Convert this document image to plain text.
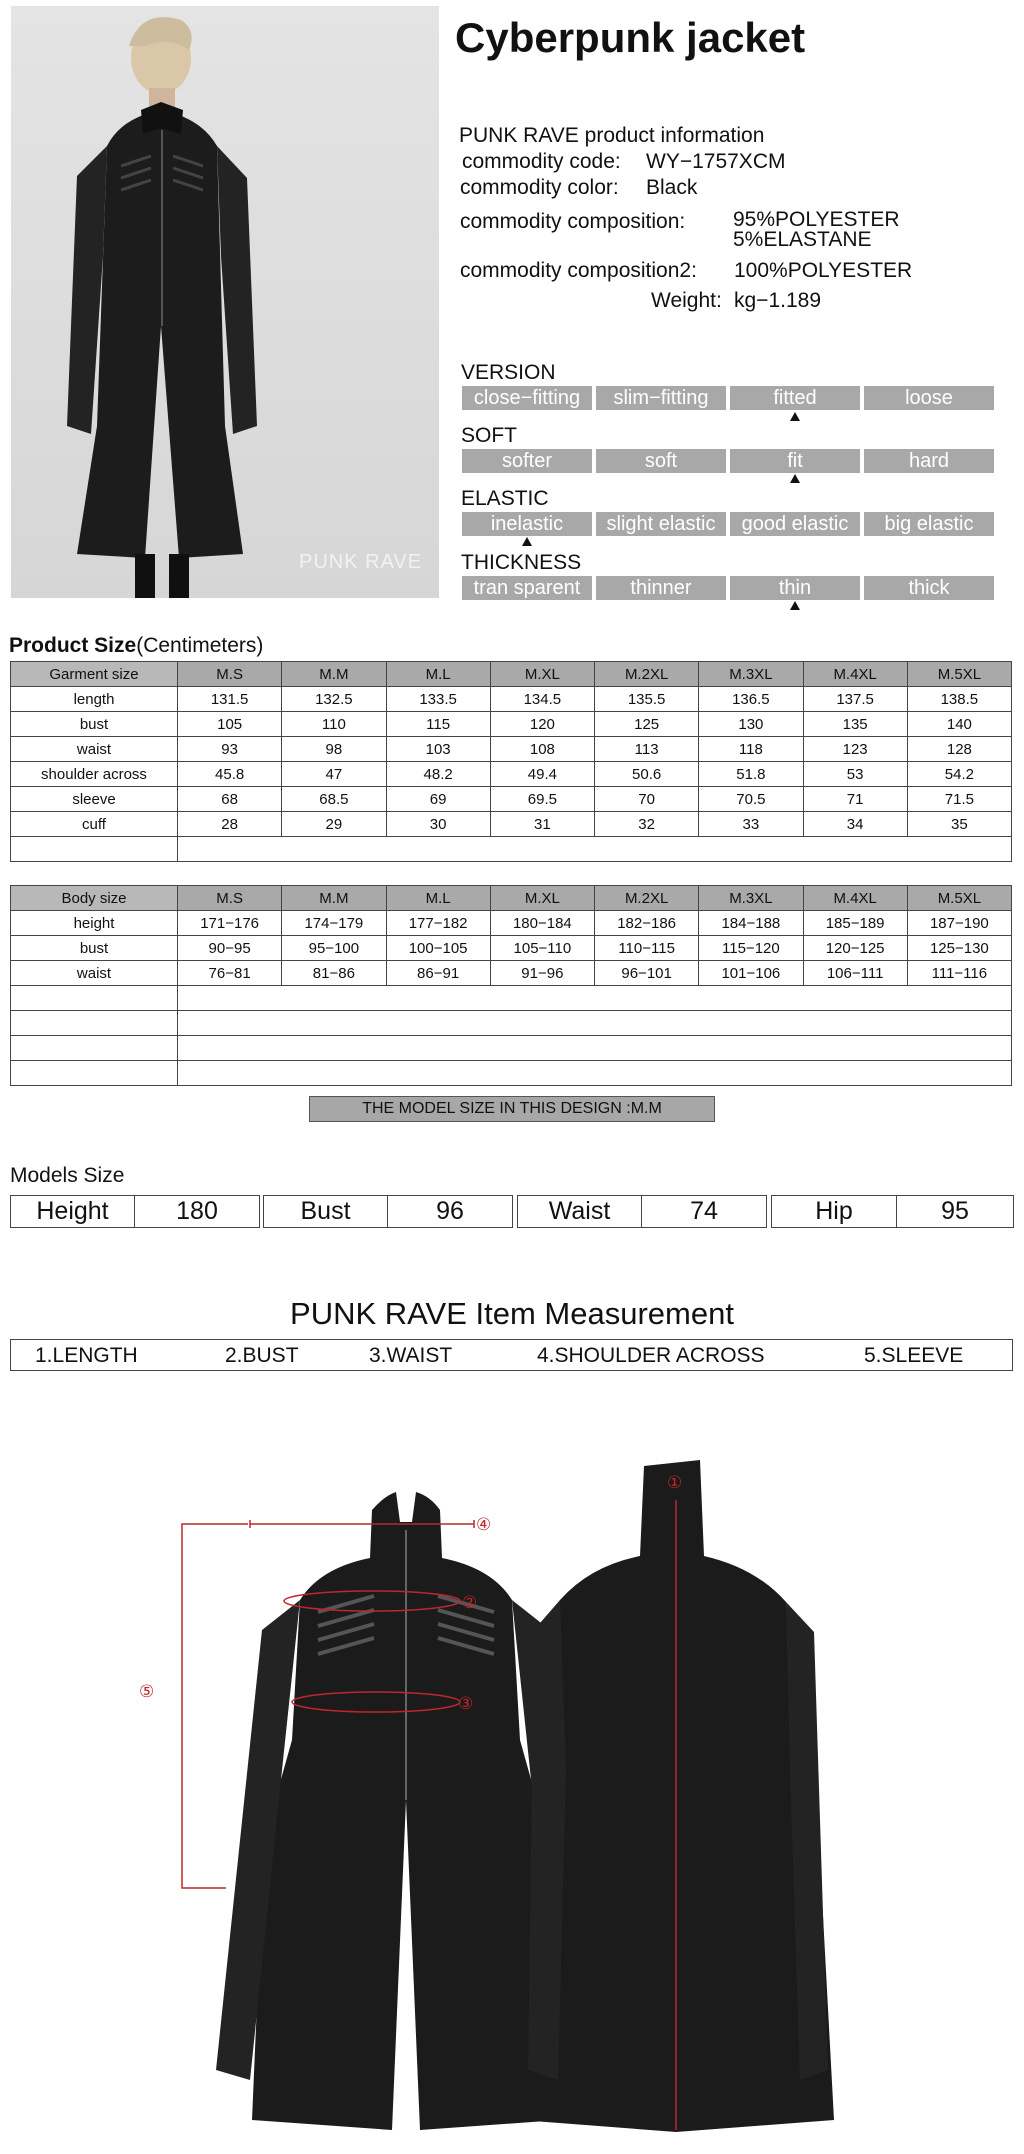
PUNK RAVE
Cyberpunk jacket
PUNK RAVE product information
commodity code: WY−1757XCM
commodity color: Black
commodity composition: 95%POLYESTER
5%ELASTANE
commodity composition2: 100%POLYESTER
Weight: kg−1.189
VERSION
close−fitting	slim−fitting	fitted	loose
SOFT
softer	soft	fit	hard
ELASTIC
inelastic	slight elastic	good elastic	big elastic
THICKNESS
tran sparent	thinner	thin	thick
Product Size(Centimeters)
Garment size	M.S	M.M	M.L	M.XL	M.2XL	M.3XL	M.4XL	M.5XL
length	131.5	132.5	133.5	134.5	135.5	136.5	137.5	138.5
bust	105	110	115	120	125	130	135	140
waist	93	98	103	108	113	118	123	128
shoulder across	45.8	47	48.2	49.4	50.6	51.8	53	54.2
sleeve	68	68.5	69	69.5	70	70.5	71	71.5
cuff	28	29	30	31	32	33	34	35

Body size	M.S	M.M	M.L	M.XL	M.2XL	M.3XL	M.4XL	M.5XL
height	171−176	174−179	177−182	180−184	182−186	184−188	185−189	187−190
bust	90−95	95−100	100−105	105−110	110−115	115−120	120−125	125−130
waist	76−81	81−86	86−91	91−96	96−101	101−106	106−111	111−116

THE MODEL SIZE IN THIS DESIGN :M.M
Models Size
Height	180	Bust	96	Waist	74	Hip	95
PUNK RAVE Item Measurement
1.LENGTH	2.BUST	3.WAIST	4.SHOULDER ACROSS	5.SLEEVE
④
②
③
⑤
①
